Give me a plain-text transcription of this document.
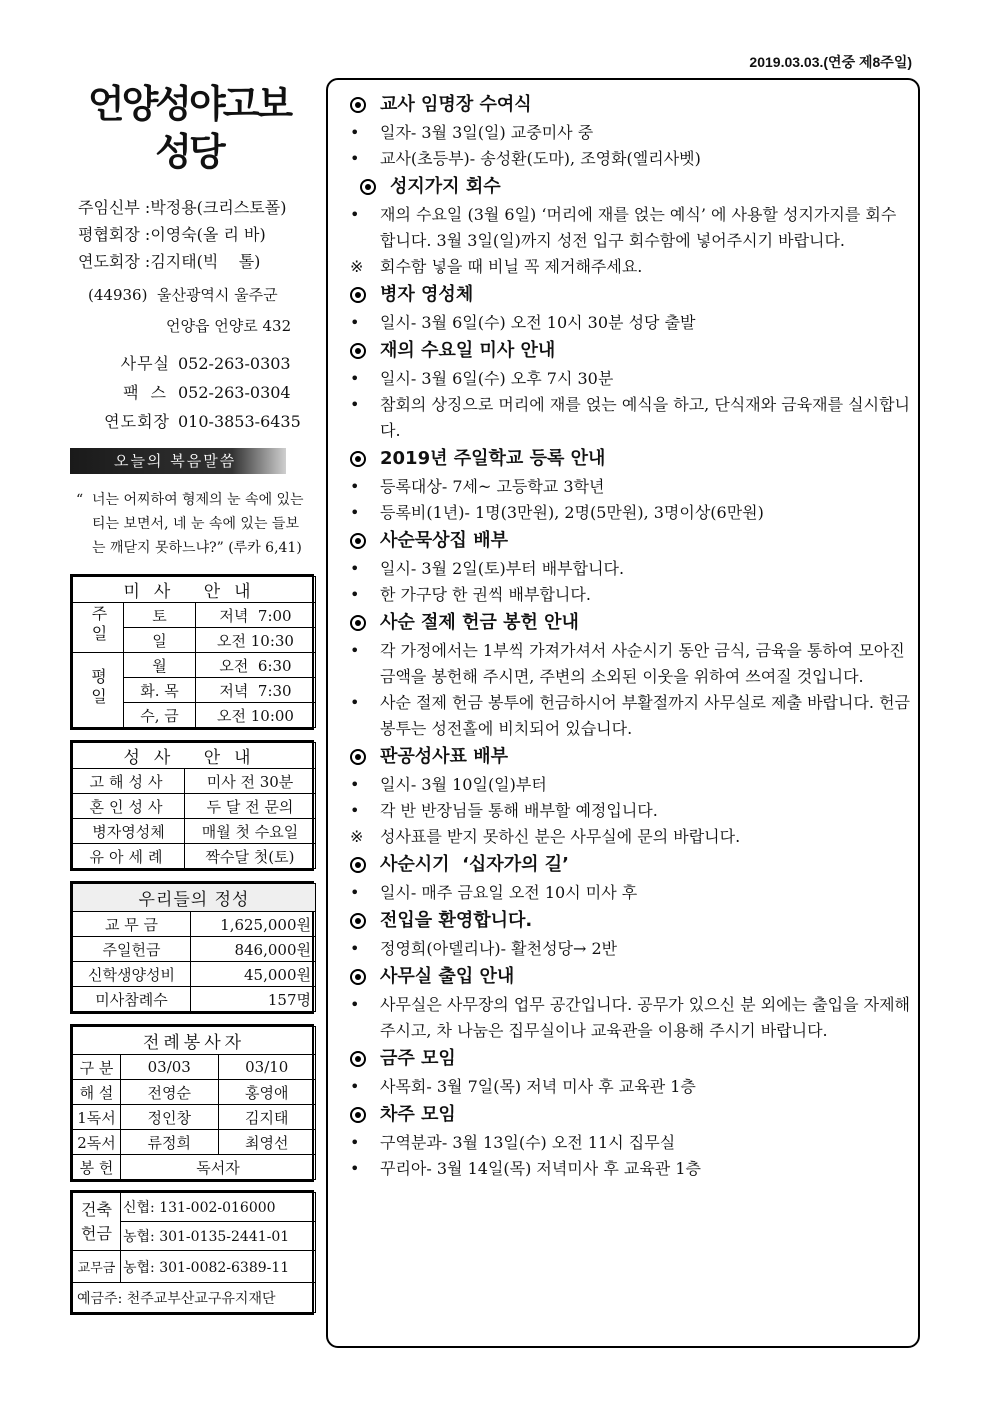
2019.03.03.(연중 제8주일)
언양성야고보
성당
주임신부 :박정용(크리스토폴)
평협회장 :이영숙(올 리 바)
연도회장 :김지태(빅    톨)
(44936)  울산광역시 울주군
언양읍 언양로 432
사무실 052-263-0303
팩스 052-263-0304
연도회장 010-3853-6435
오늘의 복음말씀
“ 너는 어찌하여 형제의 눈 속에 있는 티는 보면서, 네 눈 속에 있는 들보는 깨닫지 못하느냐?” (루카 6,41)
미사 안내		
주일	토	저녁  7:00
	일	오전 10:30
평일	월	오전  6:30
	화. 목	저녁  7:30
	수, 금	오전 10:00
성사 안내	
고해성사	미사 전 30분
혼인성사	두 달 전 문의
병자영성체	매월 첫 수요일
유아세례	짝수달 첫(토)
우리들의 정성	
교 무 금	1,625,000원
주일헌금	846,000원
신학생양성비	45,000원
미사참례수	157명
전례봉사자		
구 분	03/03	03/10
해 설	전영순	홍영애
1독서	정인창	김지태
2독서	류정희	최영선
봉 헌	독서자	
건축헌금	신협: 131-002-016000
	농협: 301-0135-2441-01
교무금	농협: 301-0082-6389-11
예금주: 천주교부산교구유지재단	
교사 임명장 수여식
•	일자- 3월 3일(일) 교중미사 중
•	교사(초등부)- 송성환(도마), 조영화(엘리사벳)
성지가지 회수
•	재의 수요일 (3월 6일) ‘머리에 재를 얹는 예식’ 에 사용할 성지가지를 회수합니다. 3월 3일(일)까지 성전 입구 회수함에 넣어주시기 바랍니다.
※	회수함 넣을 때 비닐 꼭 제거해주세요.
병자 영성체
•	일시- 3월 6일(수) 오전 10시 30분 성당 출발
재의 수요일 미사 안내
•	일시- 3월 6일(수) 오후 7시 30분
•	참회의 상징으로 머리에 재를 얹는 예식을 하고, 단식재와 금육재를 실시합니다.
2019년 주일학교 등록 안내
•	등록대상- 7세~ 고등학교 3학년
•	등록비(1년)- 1명(3만원), 2명(5만원), 3명이상(6만원)
사순묵상집 배부
•	일시- 3월 2일(토)부터 배부합니다.
•	한 가구당 한 권씩 배부합니다.
사순 절제 헌금 봉헌 안내
•	각 가정에서는 1부씩 가져가셔서 사순시기 동안 금식, 금육을 통하여 모아진 금액을 봉헌해 주시면, 주변의 소외된 이웃을 위하여 쓰여질 것입니다.
•	사순 절제 헌금 봉투에 헌금하시어 부활절까지 사무실로 제출 바랍니다. 헌금 봉투는 성전홀에 비치되어 있습니다.
판공성사표 배부
•	일시- 3월 10일(일)부터
•	각 반 반장님들 통해 배부할 예정입니다.
※	성사표를 받지 못하신 분은 사무실에 문의 바랍니다.
사순시기  ‘십자가의 길’
•	일시- 매주 금요일 오전 10시 미사 후
전입을 환영합니다.
•	정영희(아델리나)- 활천성당→ 2반
사무실 출입 안내
•	사무실은 사무장의 업무 공간입니다. 공무가 있으신 분 외에는 출입을 자제해주시고, 차 나눔은 집무실이나 교육관을 이용해 주시기 바랍니다.
금주 모임
•	사목회- 3월 7일(목) 저녁 미사 후 교육관 1층
차주 모임
•	구역분과- 3월 13일(수) 오전 11시 집무실
•	꾸리아- 3월 14일(목) 저녁미사 후 교육관 1층
